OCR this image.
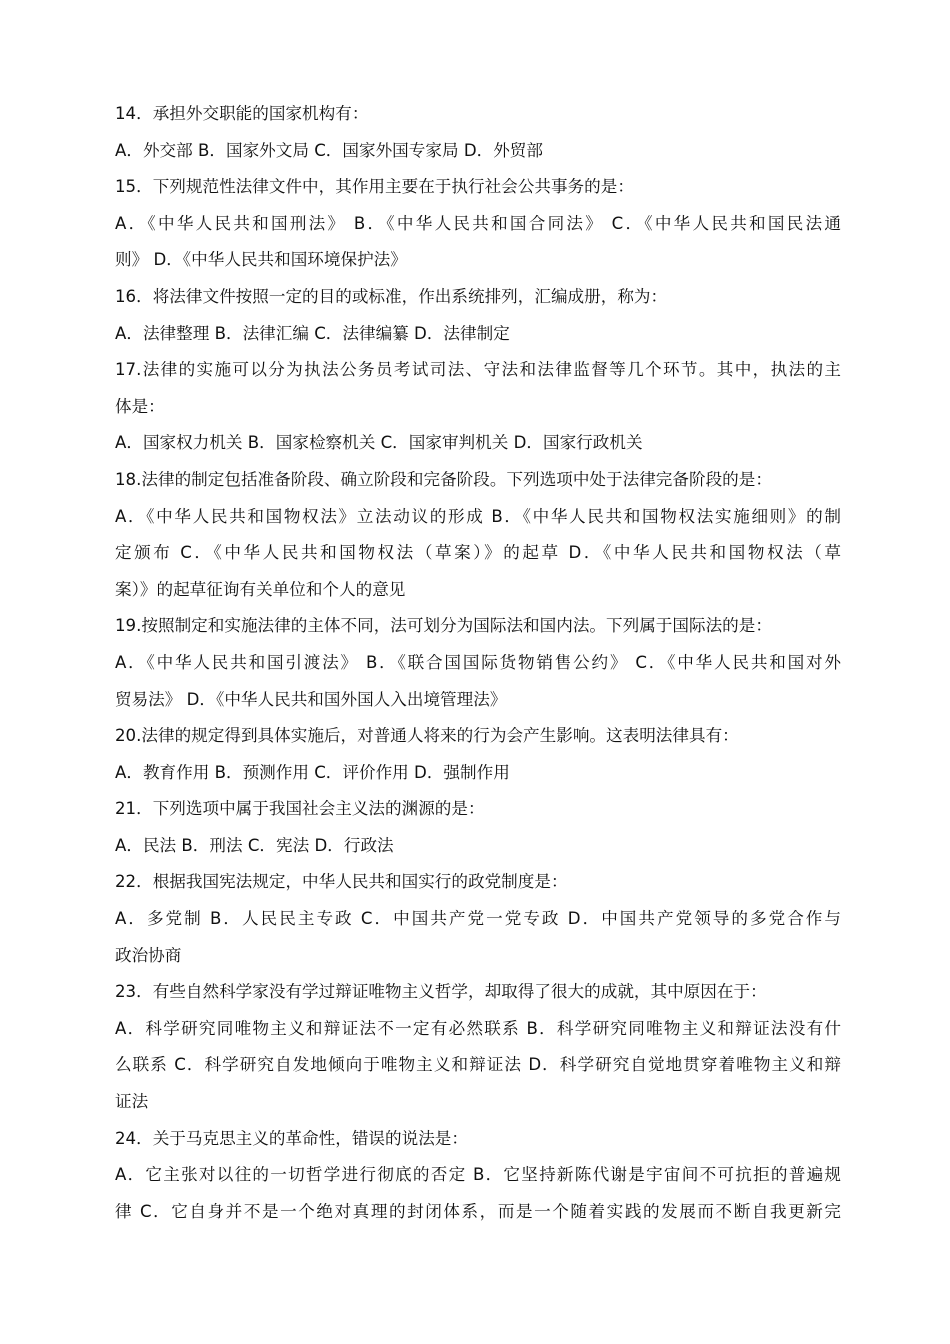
14．承担外交职能的国家机构有：
A．外交部 B．国家外文局 C．国家外国专家局 D．外贸部
15．下列规范性法律文件中，其作用主要在于执行社会公共事务的是：
A．《中华人民共和国刑法》 B．《中华人民共和国合同法》 C．《中华人民共和国民法通
则》 D．《中华人民共和国环境保护法》
16．将法律文件按照一定的目的或标准，作出系统排列，汇编成册，称为：
A．法律整理 B．法律汇编 C．法律编纂 D．法律制定
17.法律的实施可以分为执法公务员考试司法、守法和法律监督等几个环节。其中，执法的主
体是：
A．国家权力机关 B．国家检察机关 C．国家审判机关 D．国家行政机关
18.法律的制定包括准备阶段、确立阶段和完备阶段。下列选项中处于法律完备阶段的是：
A．《中华人民共和国物权法》立法动议的形成 B．《中华人民共和国物权法实施细则》的制
定颁布 C．《中华人民共和国物权法（草案）》的起草 D．《中华人民共和国物权法（草
案）》的起草征询有关单位和个人的意见
19.按照制定和实施法律的主体不同，法可划分为国际法和国内法。下列属于国际法的是：
A．《中华人民共和国引渡法》 B．《联合国国际货物销售公约》 C．《中华人民共和国对外
贸易法》 D．《中华人民共和国外国人入出境管理法》
20.法律的规定得到具体实施后，对普通人将来的行为会产生影响。这表明法律具有：
A．教育作用 B．预测作用 C．评价作用 D．强制作用
21．下列选项中属于我国社会主义法的渊源的是：
A．民法 B．刑法 C．宪法 D．行政法
22．根据我国宪法规定，中华人民共和国实行的政党制度是：
A．多党制 B．人民民主专政 C．中国共产党一党专政 D．中国共产党领导的多党合作与
政治协商
23．有些自然科学家没有学过辩证唯物主义哲学，却取得了很大的成就，其中原因在于：
A．科学研究同唯物主义和辩证法不一定有必然联系 B．科学研究同唯物主义和辩证法没有什
么联系 C．科学研究自发地倾向于唯物主义和辩证法 D．科学研究自觉地贯穿着唯物主义和辩
证法
24．关于马克思主义的革命性，错误的说法是：
A．它主张对以往的一切哲学进行彻底的否定 B．它坚持新陈代谢是宇宙间不可抗拒的普遍规
律 C．它自身并不是一个绝对真理的封闭体系，而是一个随着实践的发展而不断自我更新完
